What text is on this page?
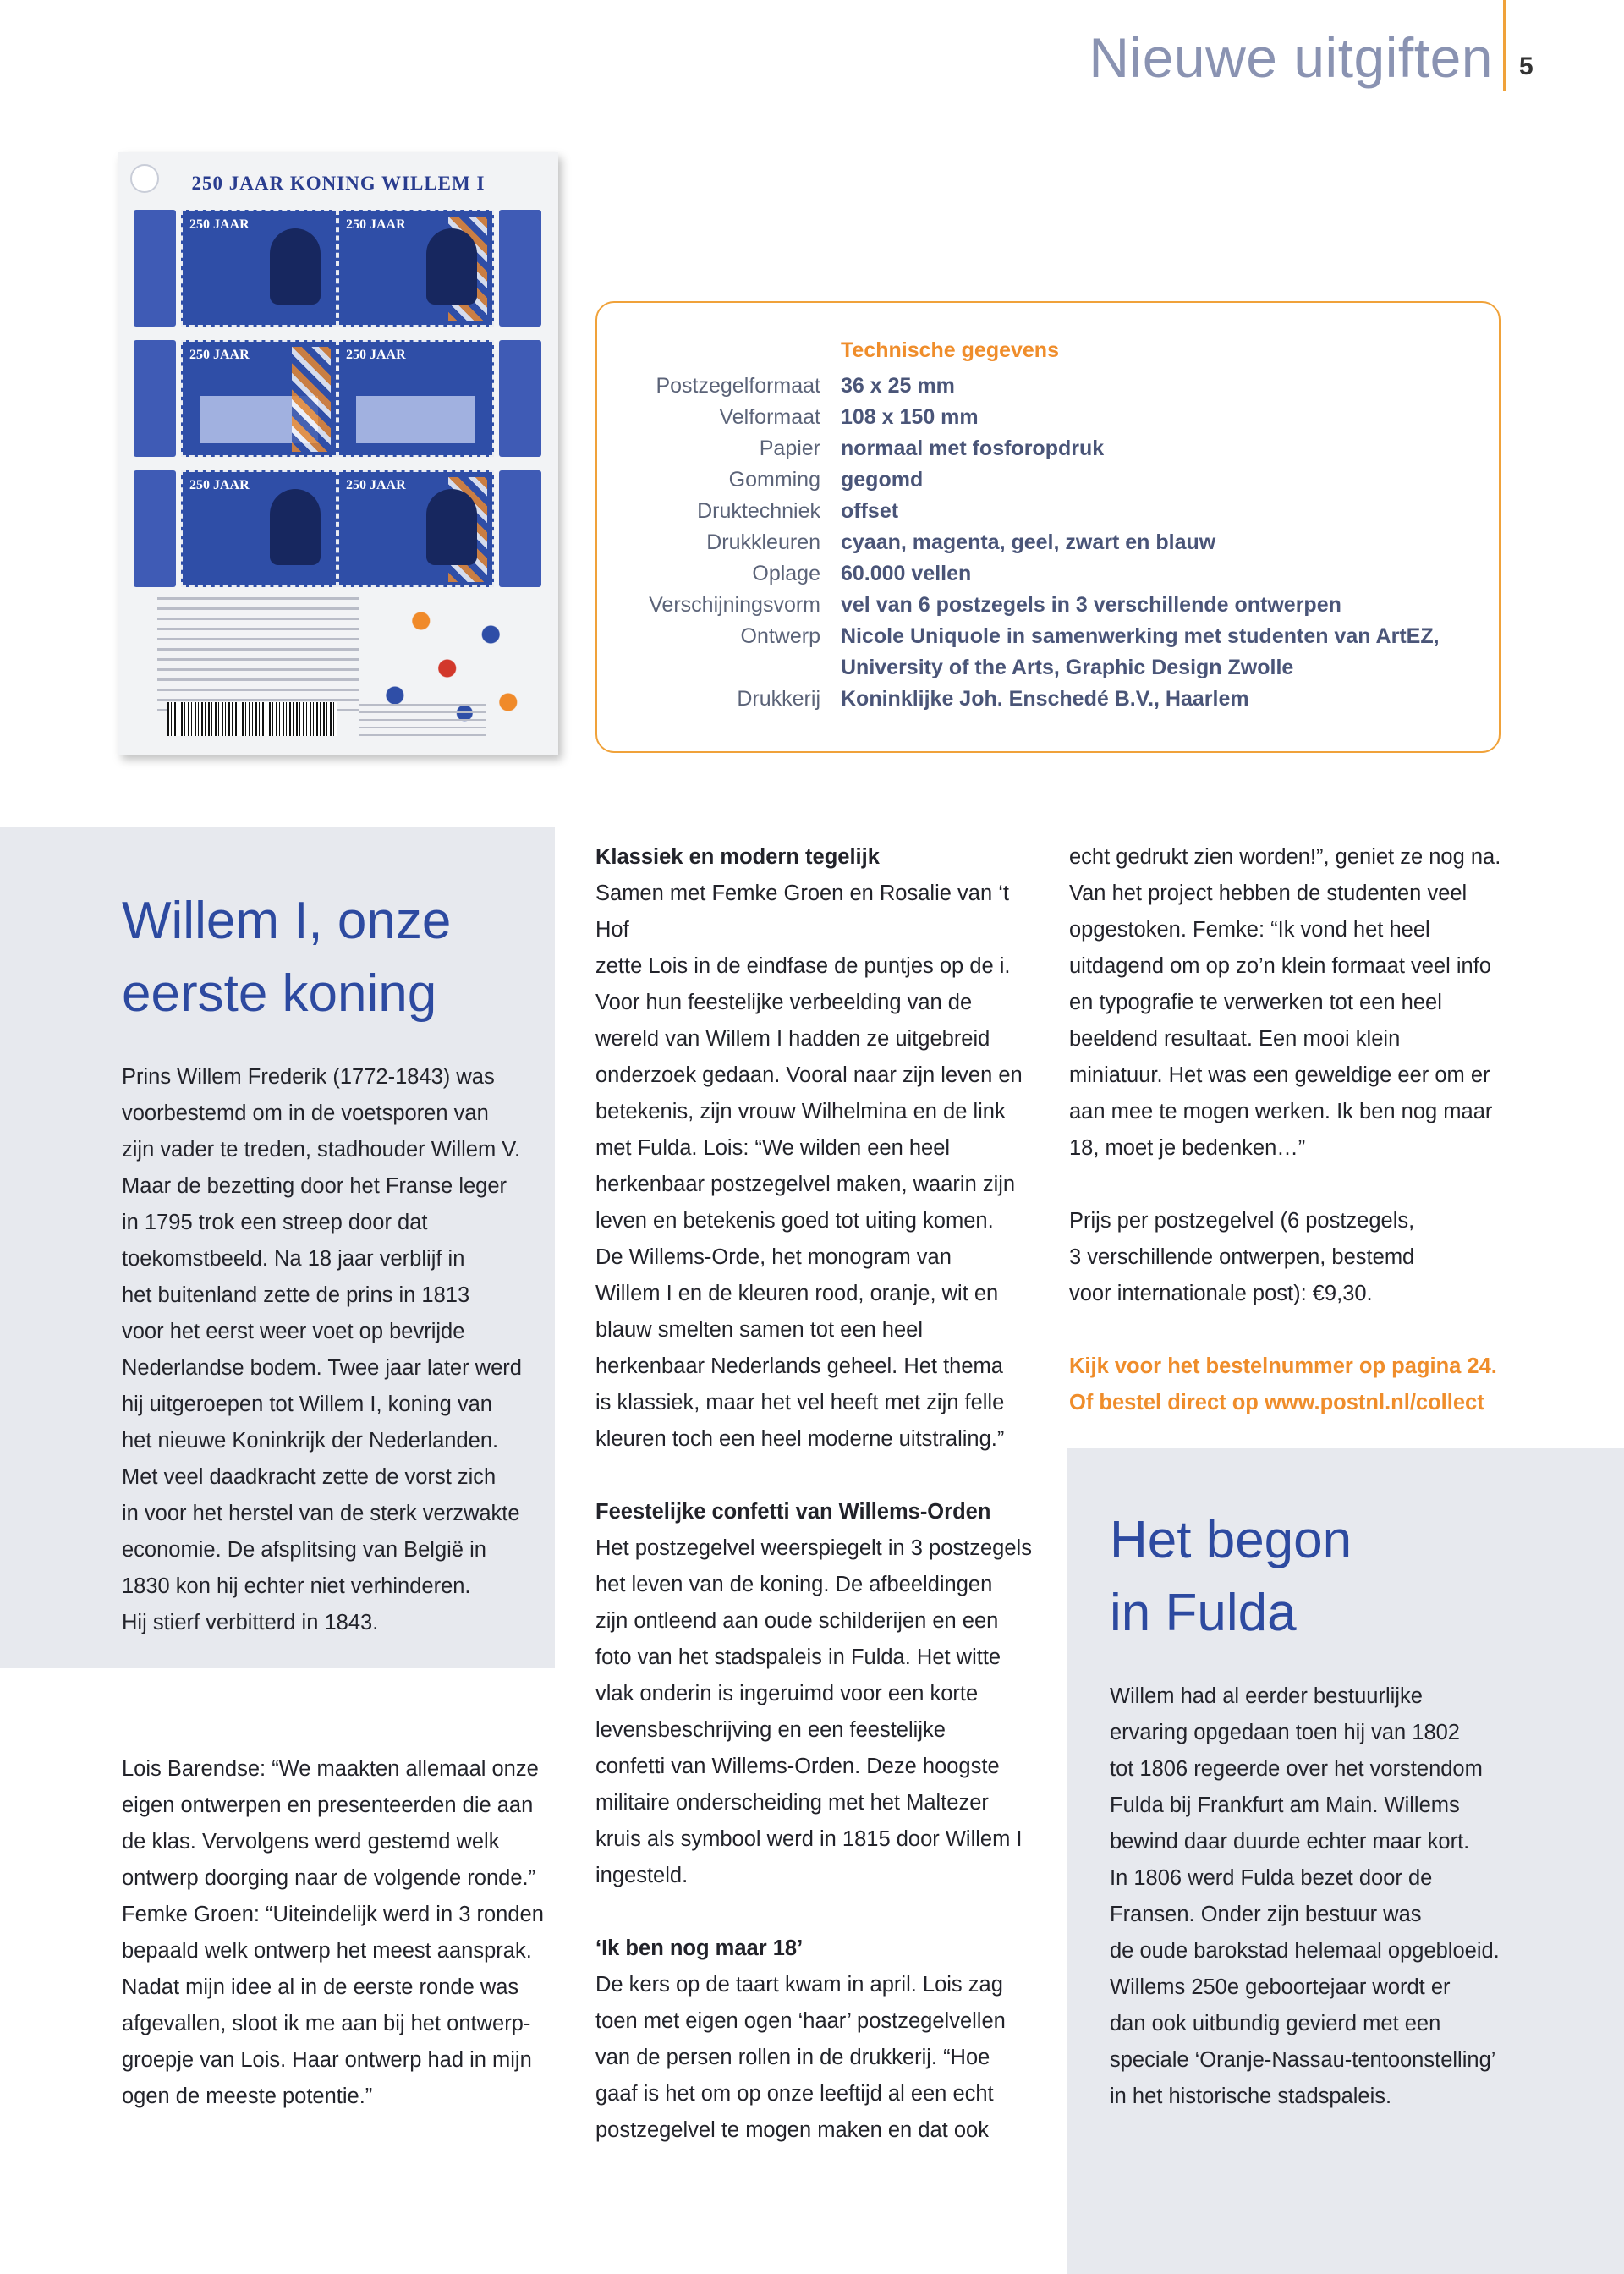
Nieuwe uitgiften 5
250 JAAR KONING WILLEM I
250 JAAR	250 JAAR
250 JAAR	250 JAAR
250 JAAR	250 JAAR
Technische gegevens
Postzegelformaat 36 x 25 mm
Velformaat 108 x 150 mm
Papier normaal met fosforopdruk
Gomming gegomd
Druktechniek offset
Drukkleuren cyaan, magenta, geel, zwart en blauw
Oplage 60.000 vellen
Verschijningsvorm vel van 6 postzegels in 3 verschillende ontwerpen
Ontwerp Nicole Uniquole in samenwerking met studenten van ArtEZ,
University of the Arts, Graphic Design Zwolle
Drukkerij Koninklijke Joh. Enschedé B.V., Haarlem
Willem I, onze
eerste koning

Prins Willem Frederik (1772-1843) was

voorbestemd om in de voetsporen van

zijn vader te treden, stadhouder Willem V.

Maar de bezetting door het Franse leger

in 1795 trok een streep door dat

toekomstbeeld. Na 18 jaar verblijf in

het buitenland zette de prins in 1813

voor het eerst weer voet op bevrijde

Nederlandse bodem. Twee jaar later werd

hij uitgeroepen tot Willem I, koning van

het nieuwe Koninkrijk der Nederlanden.

Met veel daadkracht zette de vorst zich

in voor het herstel van de sterk verzwakte

economie. De afsplitsing van België in

1830 kon hij echter niet verhinderen.

Hij stierf verbitterd in 1843.

Lois Barendse: “We maakten allemaal onze

eigen ontwerpen en presenteerden die aan

de klas. Vervolgens werd gestemd welk

ontwerp doorging naar de volgende ronde.”

Femke Groen: “Uiteindelijk werd in 3 ronden

bepaald welk ontwerp het meest aansprak.

Nadat mijn idee al in de eerste ronde was

afgevallen, sloot ik me aan bij het ontwerp-

groepje van Lois. Haar ontwerp had in mijn

ogen de meeste potentie.”

Klassiek en modern tegelijk

Samen met Femke Groen en Rosalie van ‘t Hof

zette Lois in de eindfase de puntjes op de i.

Voor hun feestelijke verbeelding van de

wereld van Willem I hadden ze uitgebreid

onderzoek gedaan. Vooral naar zijn leven en

betekenis, zijn vrouw Wilhelmina en de link

met Fulda. Lois: “We wilden een heel

herkenbaar postzegelvel maken, waarin zijn

leven en betekenis goed tot uiting komen.

De Willems-Orde, het monogram van

Willem I en de kleuren rood, oranje, wit en

blauw smelten samen tot een heel

herkenbaar Nederlands geheel. Het thema

is klassiek, maar het vel heeft met zijn felle

kleuren toch een heel moderne uitstraling.”

Feestelijke confetti van Willems-Orden

Het postzegelvel weerspiegelt in 3 postzegels

het leven van de koning. De afbeeldingen

zijn ontleend aan oude schilderijen en een

foto van het stadspaleis in Fulda. Het witte

vlak onderin is ingeruimd voor een korte

levensbeschrijving en een feestelijke

confetti van Willems-Orden. Deze hoogste

militaire onderscheiding met het Maltezer

kruis als symbool werd in 1815 door Willem I

ingesteld.

‘Ik ben nog maar 18’

De kers op de taart kwam in april. Lois zag

toen met eigen ogen ‘haar’ postzegelvellen

van de persen rollen in de drukkerij. “Hoe

gaaf is het om op onze leeftijd al een echt

postzegelvel te mogen maken en dat ook

echt gedrukt zien worden!”, geniet ze nog na.

Van het project hebben de studenten veel

opgestoken. Femke: “Ik vond het heel

uitdagend om op zo’n klein formaat veel info

en typografie te verwerken tot een heel

beeldend resultaat. Een mooi klein

miniatuur. Het was een geweldige eer om er

aan mee te mogen werken. Ik ben nog maar

18, moet je bedenken…”

Prijs per postzegelvel (6 postzegels,

3 verschillende ontwerpen, bestemd

voor internationale post): €9,30.

Kijk voor het bestelnummer op pagina 24.

Of bestel direct op www.postnl.nl/collect

Het begon
in Fulda

Willem had al eerder bestuurlijke

ervaring opgedaan toen hij van 1802

tot 1806 regeerde over het vorstendom

Fulda bij Frankfurt am Main. Willems

bewind daar duurde echter maar kort.

In 1806 werd Fulda bezet door de

Fransen. Onder zijn bestuur was

de oude barokstad helemaal opgebloeid.

Willems 250e geboortejaar wordt er

dan ook uitbundig gevierd met een

speciale ‘Oranje-Nassau-tentoonstelling’

in het historische stadspaleis.
